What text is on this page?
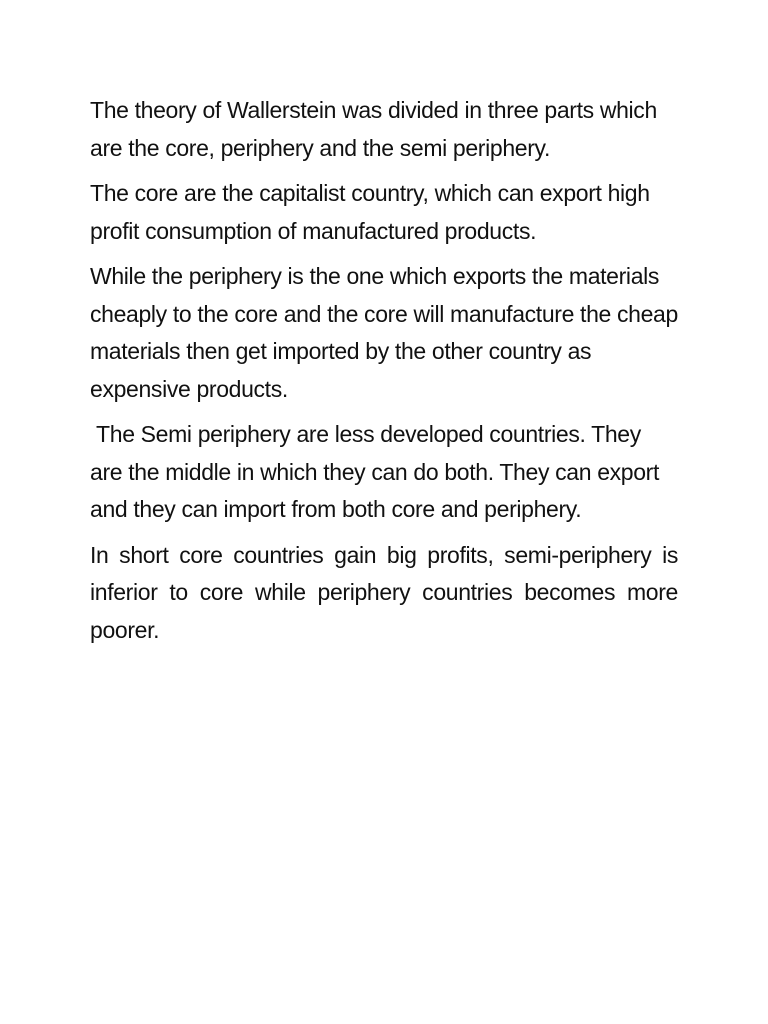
The theory of Wallerstein was divided in three parts which are the core, periphery and the semi periphery.

The core are the capitalist country, which can export high profit consumption of manufactured products.

While the periphery is the one which exports the materials cheaply to the core and the core will manufacture the cheap materials then get imported by the other country as expensive products.

The Semi periphery are less developed countries. They are the middle in which they can do both. They can export and they can import from both core and periphery.

In short core countries gain big profits, semi-periphery is inferior to core while periphery countries becomes more poorer.
